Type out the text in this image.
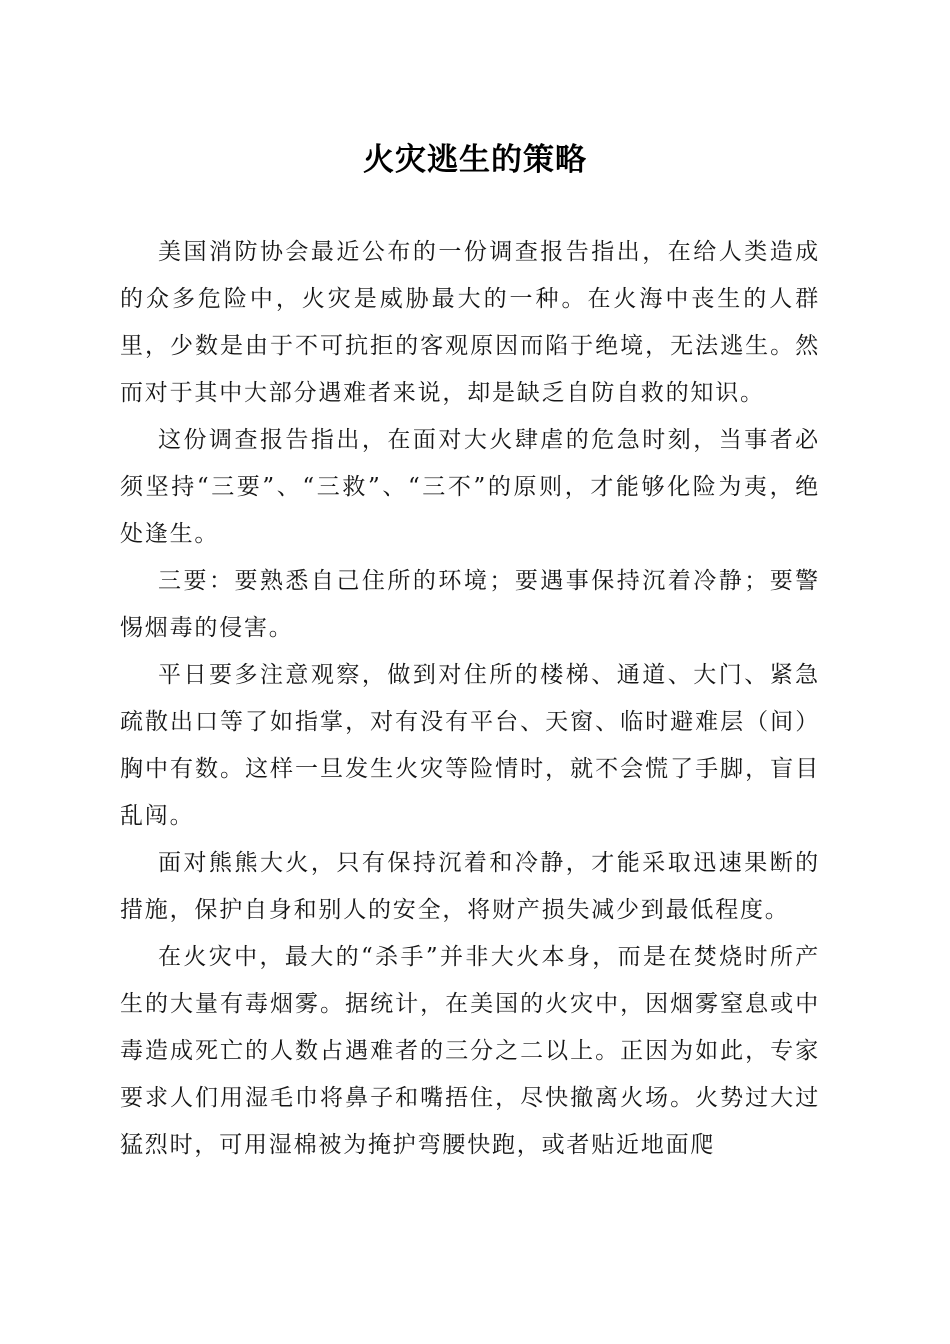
火灾逃生的策略

美国消防协会最近公布的一份调查报告指出，在给人类造成的众多危险中，火灾是威胁最大的一种。在火海中丧生的人群里，少数是由于不可抗拒的客观原因而陷于绝境，无法逃生。然而对于其中大部分遇难者来说，却是缺乏自防自救的知识。

这份调查报告指出，在面对大火肆虐的危急时刻，当事者必须坚持“三要”、“三救”、“三不”的原则，才能够化险为夷，绝处逢生。

三要：要熟悉自己住所的环境；要遇事保持沉着冷静；要警惕烟毒的侵害。

平日要多注意观察，做到对住所的楼梯、通道、大门、紧急疏散出口等了如指掌，对有没有平台、天窗、临时避难层（间）胸中有数。这样一旦发生火灾等险情时，就不会慌了手脚，盲目乱闯。

面对熊熊大火，只有保持沉着和冷静，才能采取迅速果断的措施，保护自身和别人的安全，将财产损失减少到最低程度。

在火灾中，最大的“杀手”并非大火本身，而是在焚烧时所产生的大量有毒烟雾。据统计，在美国的火灾中，因烟雾窒息或中毒造成死亡的人数占遇难者的三分之二以上。正因为如此，专家要求人们用湿毛巾将鼻子和嘴捂住，尽快撤离火场。火势过大过猛烈时，可用湿棉被为掩护弯腰快跑，或者贴近地面爬
